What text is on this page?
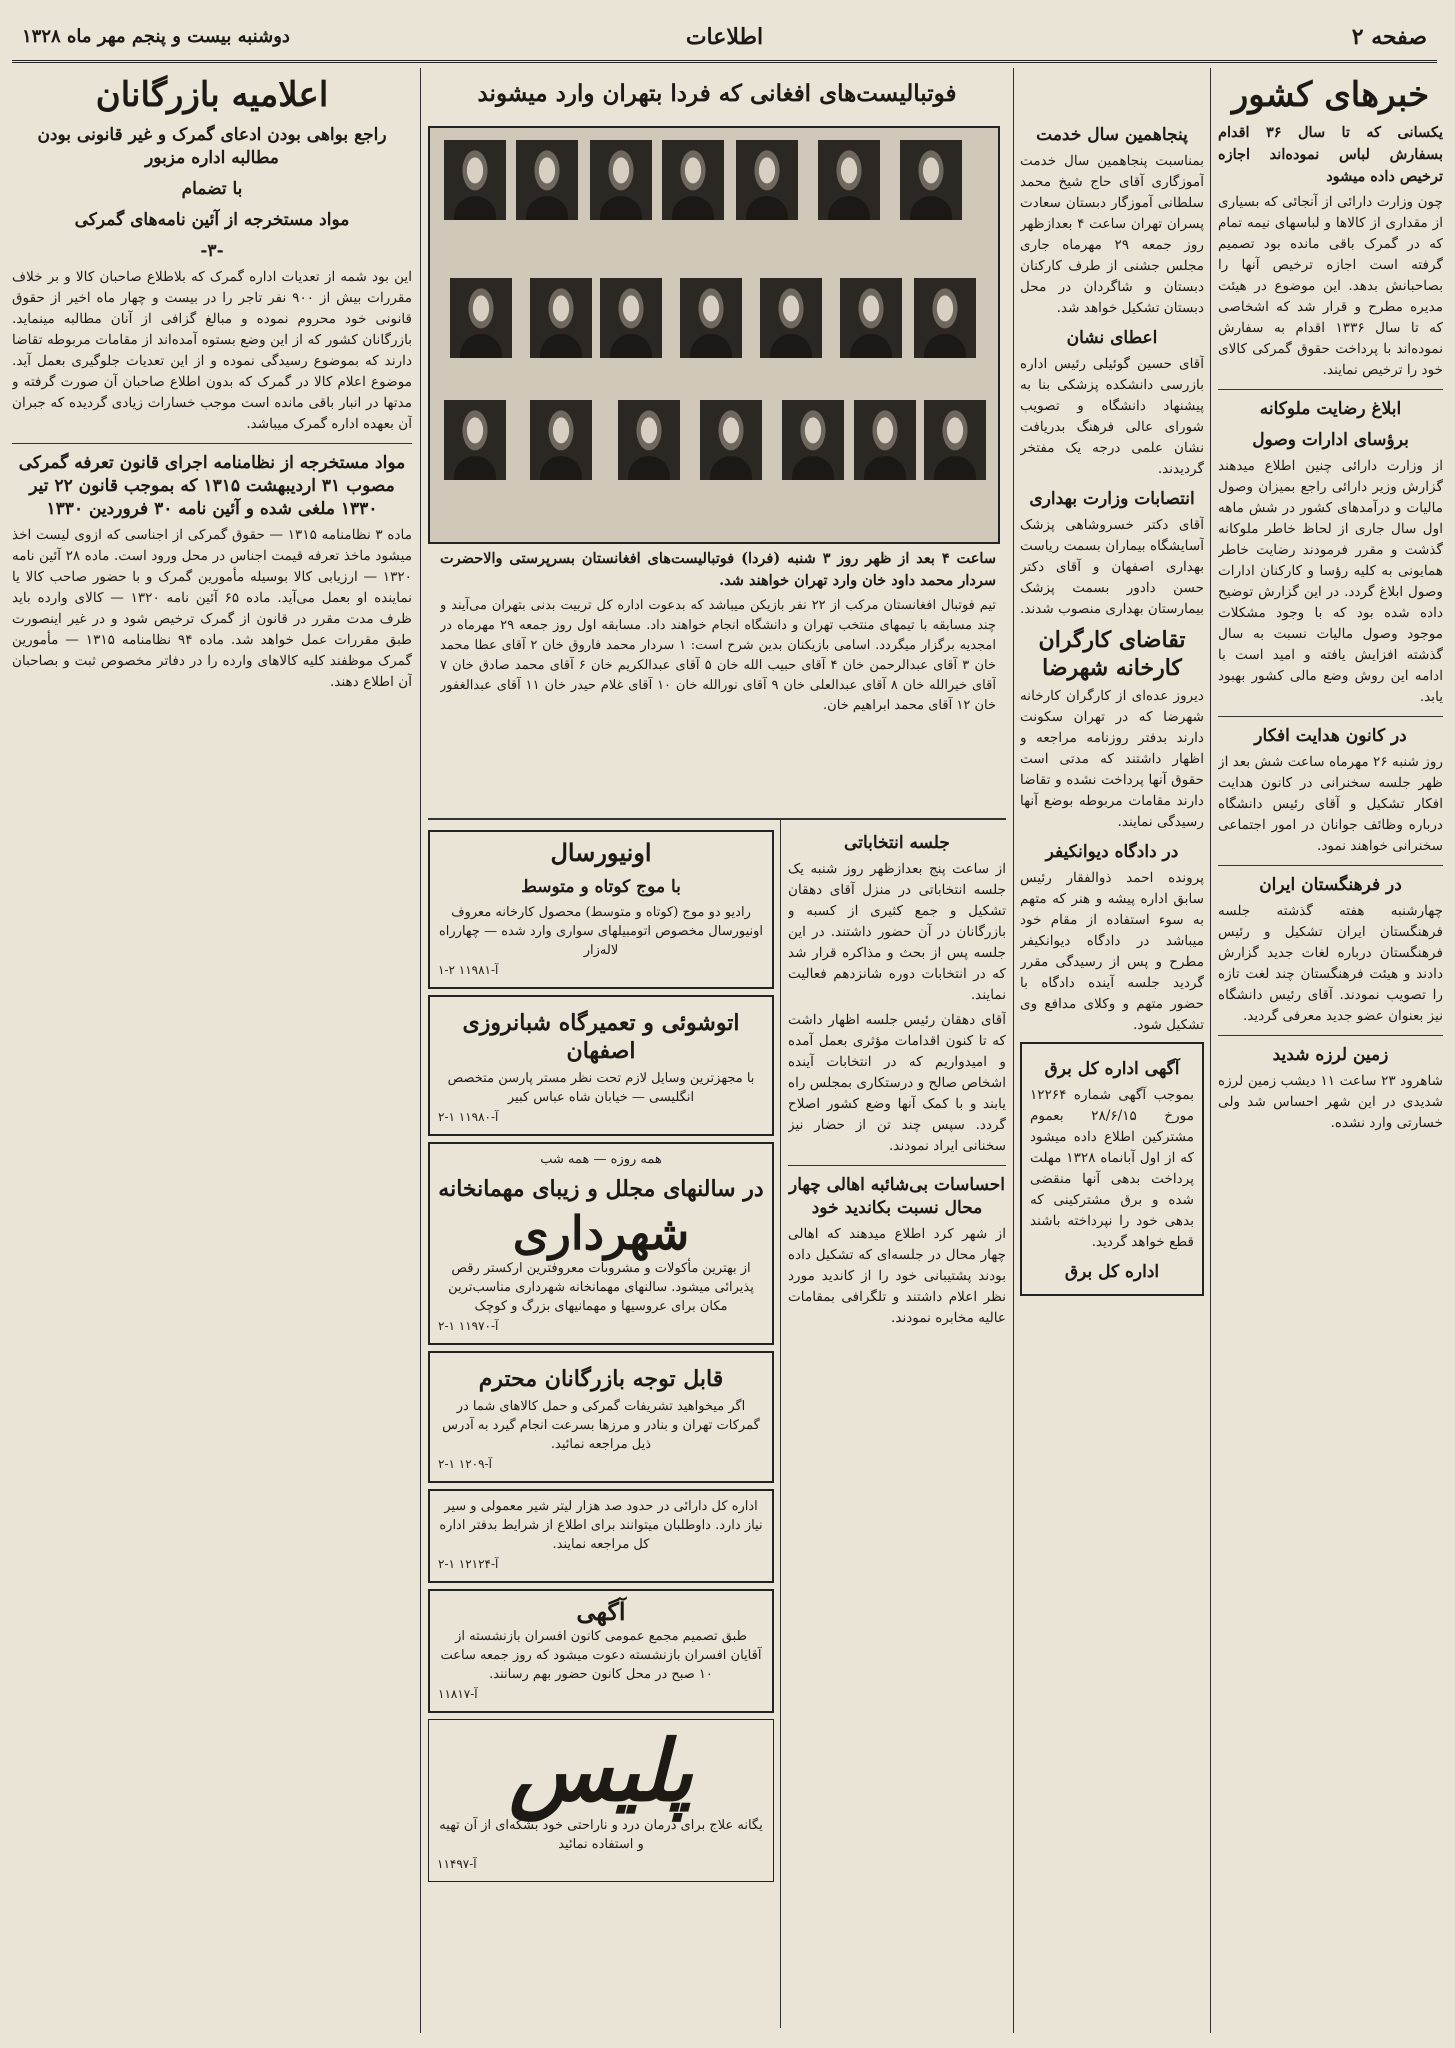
صفحه ۲
اطلاعات
دوشنبه بیست و پنجم مهر ماه ۱۳۲۸
خبرهای کشور

یکسانی که تا سال ۳۶ اقدام بسفارش لباس نموده‌اند اجازه ترخیص داده میشود

چون وزارت دارائی از آنجائی که بسیاری از مقداری از کالاها و لباسهای نیمه تمام که در گمرک باقی مانده بود تصمیم گرفته است اجازه ترخیص آنها را بصاحبانش بدهد. این موضوع در هیئت مدیره مطرح و قرار شد که اشخاصی که تا سال ۱۳۳۶ اقدام به سفارش نموده‌اند با پرداخت حقوق گمرکی کالای خود را ترخیص نمایند.

ابلاغ رضایت ملوکانه
برؤسای ادارات وصول

از وزارت دارائی چنین اطلاع میدهند گزارش وزیر دارائی راجع بمیزان وصول مالیات و درآمدهای کشور در شش ماهه اول سال جاری از لحاظ خاطر ملوکانه گذشت و مقرر فرمودند رضایت خاطر همایونی به کلیه رؤسا و کارکنان ادارات وصول ابلاغ گردد. در این گزارش توضیح داده شده بود که با وجود مشکلات موجود وصول مالیات نسبت به سال گذشته افزایش یافته و امید است با ادامه این روش وضع مالی کشور بهبود یابد.

در کانون هدایت افکار

روز شنبه ۲۶ مهرماه ساعت شش بعد از ظهر جلسه سخنرانی در کانون هدایت افکار تشکیل و آقای رئیس دانشگاه درباره وظائف جوانان در امور اجتماعی سخنرانی خواهند نمود.

در فرهنگستان ایران

چهارشنبه هفته گذشته جلسه فرهنگستان ایران تشکیل و رئیس فرهنگستان درباره لغات جدید گزارش دادند و هیئت فرهنگستان چند لغت تازه را تصویب نمودند. آقای رئیس دانشگاه نیز بعنوان عضو جدید معرفی گردید.

زمین لرزه شدید

شاهرود ۲۳ ساعت ۱۱ دیشب زمین لرزه شدیدی در این شهر احساس شد ولی خسارتی وارد نشده.

پنجاهمین سال خدمت

بمناسبت پنجاهمین سال خدمت آموزگاری آقای حاج شیخ محمد سلطانی آموزگار دبستان سعادت پسران تهران ساعت ۴ بعدازظهر روز جمعه ۲۹ مهرماه جاری مجلس جشنی از طرف کارکنان دبستان و شاگردان در محل دبستان تشکیل خواهد شد.

اعطای نشان

آقای حسین گوئیلی رئیس اداره بازرسی دانشکده پزشکی بنا به پیشنهاد دانشگاه و تصویب شورای عالی فرهنگ بدریافت نشان علمی درجه یک مفتخر گردیدند.

انتصابات وزارت بهداری

آقای دکتر خسروشاهی پزشک آسایشگاه بیماران بسمت ریاست بهداری اصفهان و آقای دکتر حسن دادور بسمت پزشک بیمارستان بهداری منصوب شدند.

تقاضای کارگران کارخانه شهرضا

دیروز عده‌ای از کارگران کارخانه شهرضا که در تهران سکونت دارند بدفتر روزنامه مراجعه و اظهار داشتند که مدتی است حقوق آنها پرداخت نشده و تقاضا دارند مقامات مربوطه بوضع آنها رسیدگی نمایند.

در دادگاه دیوانکیفر

پرونده احمد ذوالفقار رئیس سابق اداره پیشه و هنر که متهم به سوء استفاده از مقام خود میباشد در دادگاه دیوانکیفر مطرح و پس از رسیدگی مقرر گردید جلسه آینده دادگاه با حضور متهم و وکلای مدافع وی تشکیل شود.

آگهی اداره کل برق

بموجب آگهی شماره ۱۲۲۶۴ مورخ ۲۸/۶/۱۵ بعموم مشترکین اطلاع داده میشود که از اول آبانماه ۱۳۲۸ مهلت پرداخت بدهی آنها منقضی شده و برق مشترکینی که بدهی خود را نپرداخته باشند قطع خواهد گردید.

اداره کل برق
فوتبالیست‌های افغانی که فردا بتهران وارد میشوند

ساعت ۴ بعد از ظهر روز ۳ شنبه (فردا) فوتبالیست‌های افغانستان بسرپرستی والاحضرت سردار محمد داود خان وارد تهران خواهند شد.

تیم فوتبال افغانستان مرکب از ۲۲ نفر بازیکن میباشد که بدعوت اداره کل تربیت بدنی بتهران می‌آیند و چند مسابقه با تیمهای منتخب تهران و دانشگاه انجام خواهند داد. مسابقه اول روز جمعه ۲۹ مهرماه در امجدیه برگزار میگردد. اسامی بازیکنان بدین شرح است: ۱ سردار محمد فاروق خان ۲ آقای عطا محمد خان ۳ آقای عبدالرحمن خان ۴ آقای حبیب الله خان ۵ آقای عبدالکریم خان ۶ آقای محمد صادق خان ۷ آقای خیرالله خان ۸ آقای عبدالعلی خان ۹ آقای نورالله خان ۱۰ آقای غلام حیدر خان ۱۱ آقای عبدالغفور خان ۱۲ آقای محمد ابراهیم خان.

اونیورسال
با موج کوتاه و متوسط
رادیو دو موج (کوتاه و متوسط) محصول کارخانه معروف اونیورسال مخصوص اتومبیلهای سواری وارد شده — چهارراه لاله‌زار
۱-۲ ۱۱۹۸۱-آ
اتوشوئی و تعمیرگاه شبانروزی اصفهان
با مجهزترین وسایل لازم تحت نظر مستر پارسن متخصص انگلیسی — خیابان شاه عباس کبیر
۲-۱ ۱۱۹۸۰-آ
همه روزه — همه شب
در سالنهای مجلل و زیبای مهمانخانه
شهرداری
از بهترین مأکولات و مشروبات معروفترین ارکستر رقص پذیرائی میشود. سالنهای مهمانخانه شهرداری مناسب‌ترین مکان برای عروسیها و مهمانیهای بزرگ و کوچک
۲-۱ ۱۱۹۷۰-آ
قابل توجه بازرگانان محترم
اگر میخواهید تشریفات گمرکی و حمل کالاهای شما در گمرکات تهران و بنادر و مرزها بسرعت انجام گیرد به آدرس ذیل مراجعه نمائید.
۲-۱ ۱۲۰۹-آ
اداره کل دارائی در حدود صد هزار لیتر شیر معمولی و سیر نیاز دارد. داوطلبان میتوانند برای اطلاع از شرایط بدفتر اداره کل مراجعه نمایند.
۲-۱ ۱۲۱۲۴-آ
آگهی
طبق تصمیم مجمع عمومی کانون افسران بازنشسته از آقایان افسران بازنشسته دعوت میشود که روز جمعه ساعت ۱۰ صبح در محل کانون حضور بهم رسانند.
۱۱۸۱۷-آ
پلیس
یگانه علاج برای درمان درد و ناراحتی خود بشکه‌ای از آن تهیه و استفاده نمائید
۱۱۴۹۷-آ
جلسه انتخاباتی

از ساعت پنج بعدازظهر روز شنبه یک جلسه انتخاباتی در منزل آقای دهقان تشکیل و جمع کثیری از کسبه و بازرگانان در آن حضور داشتند. در این جلسه پس از بحث و مذاکره قرار شد که در انتخابات دوره شانزدهم فعالیت نمایند.

آقای دهقان رئیس جلسه اظهار داشت که تا کنون اقدامات مؤثری بعمل آمده و امیدواریم که در انتخابات آینده اشخاص صالح و درستکاری بمجلس راه یابند و با کمک آنها وضع کشور اصلاح گردد. سپس چند تن از حضار نیز سخنانی ایراد نمودند.

احساسات بی‌شائبه اهالی چهار محال نسبت بکاندید خود

از شهر کرد اطلاع میدهند که اهالی چهار محال در جلسه‌ای که تشکیل داده بودند پشتیبانی خود را از کاندید مورد نظر اعلام داشتند و تلگرافی بمقامات عالیه مخابره نمودند.

اعلامیه بازرگانان
راجع بواهی بودن ادعای گمرک و غیر قانونی بودن مطالبه اداره مزبور
با تضمام
مواد مستخرجه از آئین نامه‌های گمرکی
-۳-

این بود شمه از تعدیات اداره گمرک که بلاطلاع صاحبان کالا و بر خلاف مقررات بیش از ۹۰۰ نفر تاجر را در بیست و چهار ماه اخیر از حقوق قانونی خود محروم نموده و مبالغ گزافی از آنان مطالبه مینماید. بازرگانان کشور که از این وضع بستوه آمده‌اند از مقامات مربوطه تقاضا دارند که بموضوع رسیدگی نموده و از این تعدیات جلوگیری بعمل آید. موضوع اعلام کالا در گمرک که بدون اطلاع صاحبان آن صورت گرفته و مدتها در انبار باقی مانده است موجب خسارات زیادی گردیده که جبران آن بعهده اداره گمرک میباشد.

مواد مستخرجه از نظامنامه اجرای قانون تعرفه گمرکی مصوب ۳۱ اردیبهشت ۱۳۱۵ که بموجب قانون ۲۲ تیر ۱۳۳۰ ملغی شده و آئین نامه ۳۰ فروردین ۱۳۳۰

ماده ۳ نظامنامه ۱۳۱۵ — حقوق گمرکی از اجناسی که ازوی لیست اخذ میشود ماخذ تعرفه قیمت اجناس در محل ورود است. ماده ۲۸ آئین نامه ۱۳۲۰ — ارزیابی کالا بوسیله مأمورین گمرک و با حضور صاحب کالا یا نماینده او بعمل می‌آید. ماده ۶۵ آئین نامه ۱۳۲۰ — کالای وارده باید ظرف مدت مقرر در قانون از گمرک ترخیص شود و در غیر اینصورت طبق مقررات عمل خواهد شد. ماده ۹۴ نظامنامه ۱۳۱۵ — مأمورین گمرک موظفند کلیه کالاهای وارده را در دفاتر مخصوص ثبت و بصاحبان آن اطلاع دهند.
